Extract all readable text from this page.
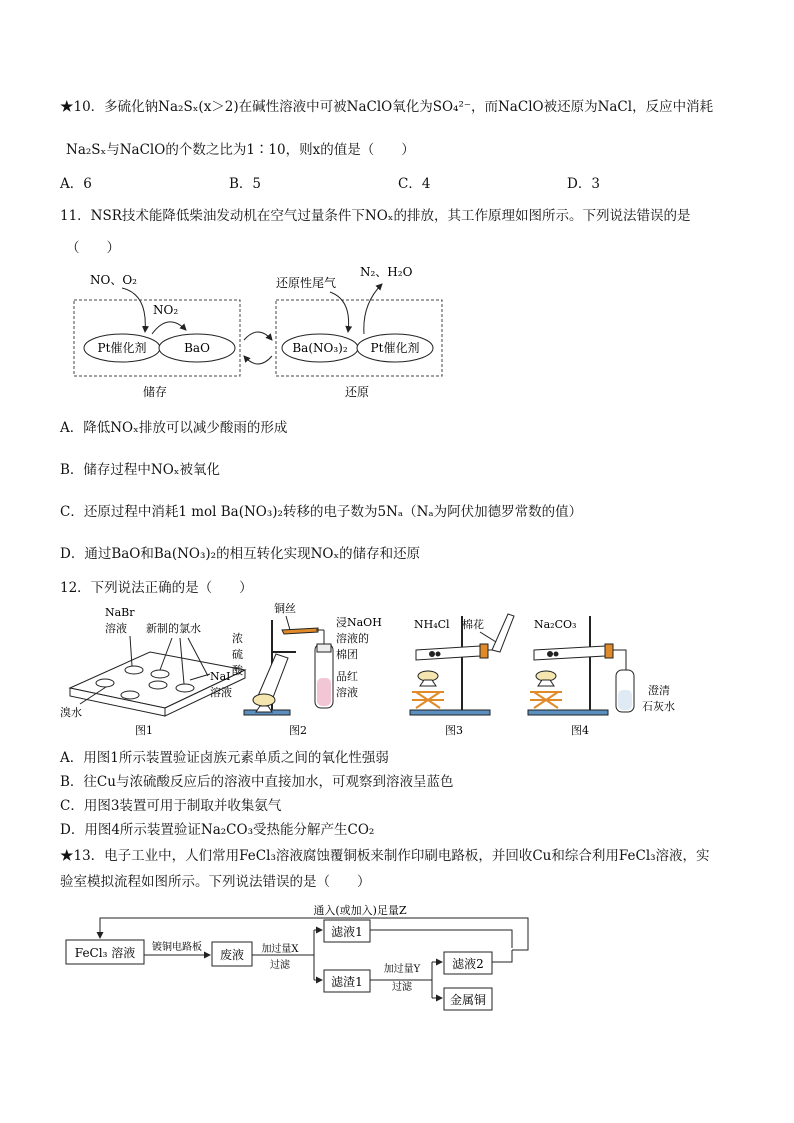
★10．多硫化钠Na₂Sₓ(x＞2)在碱性溶液中可被NaClO氧化为SO₄²⁻，而NaClO被还原为NaCl，反应中消耗
Na₂Sₓ与NaClO的个数之比为1∶10，则x的值是（　　）
A．6	B．5	C．4	D．3
11．NSR技术能降低柴油发动机在空气过量条件下NOₓ的排放，其工作原理如图所示。下列说法错误的是
（　　）
Pt催化剂	BaO	Ba(NO₃)₂ Pt催化剂
NO、O₂
NO₂
还原性尾气
N₂、H₂O
储存	还原
A．降低NOₓ排放可以减少酸雨的形成
B．储存过程中NOₓ被氧化
C．还原过程中消耗1 mol Ba(NO₃)₂转移的电子数为5Nₐ（Nₐ为阿伏加德罗常数的值）
D．通过BaO和Ba(NO₃)₂的相互转化实现NOₓ的储存和还原
12．下列说法正确的是（　　）
NaBr
溶液 新制的氯水
NaI
溶液
溴水
图1
铜丝
浓
硫
酸
浸NaOH
溶液的
棉团
品红
溶液
图2
NH₄Cl 棉花
图3
Na₂CO₃
澄清
石灰水
图4
A．用图1所示装置验证卤族元素单质之间的氧化性强弱
B．往Cu与浓硫酸反应后的溶液中直接加水，可观察到溶液呈蓝色
C．用图3装置可用于制取并收集氨气
D．用图4所示装置验证Na₂CO₃受热能分解产生CO₂
★13．电子工业中，人们常用FeCl₃溶液腐蚀覆铜板来制作印刷电路板，并回收Cu和综合利用FeCl₃溶液，实
验室模拟流程如图所示。下列说法错误的是（　　）
通入(或加入)足量Z
FeCl₃ 溶液 镀铜电路板
废液 加过量X
过滤
滤液1
滤渣1
加过量Y
过滤
滤液2
金属铜
